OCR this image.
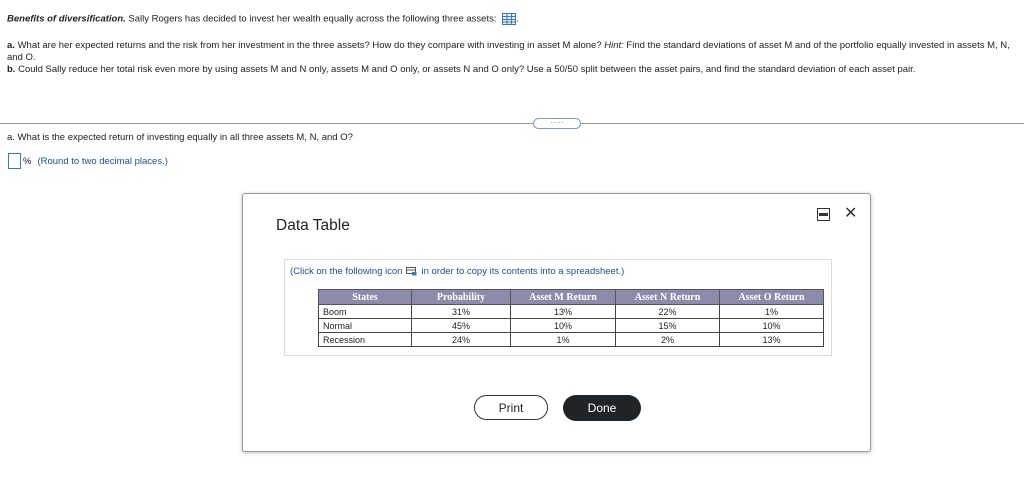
Benefits of diversification. Sally Rogers has decided to invest her wealth equally across the following three assets: .
a. What are her expected returns and the risk from her investment in the three assets? How do they compare with investing in asset M alone? Hint: Find the standard deviations of asset M and of the portfolio equally invested in assets M, N, and O.
b. Could Sally reduce her total risk even more by using assets M and N only, assets M and O only, or assets N and O only? Use a 50/50 split between the asset pairs, and find the standard deviation of each asset pair.
·····
a. What is the expected return of investing equally in all three assets M, N, and O?
% (Round to two decimal places.)
Data Table
✕
(Click on the following icon in order to copy its contents into a spreadsheet.)
States	Probability	Asset M Return	Asset N Return	Asset O Return
Boom	31%	13%	22%	1%
Normal	45%	10%	15%	10%
Recession	24%	1%	2%	13%
Print	Done
